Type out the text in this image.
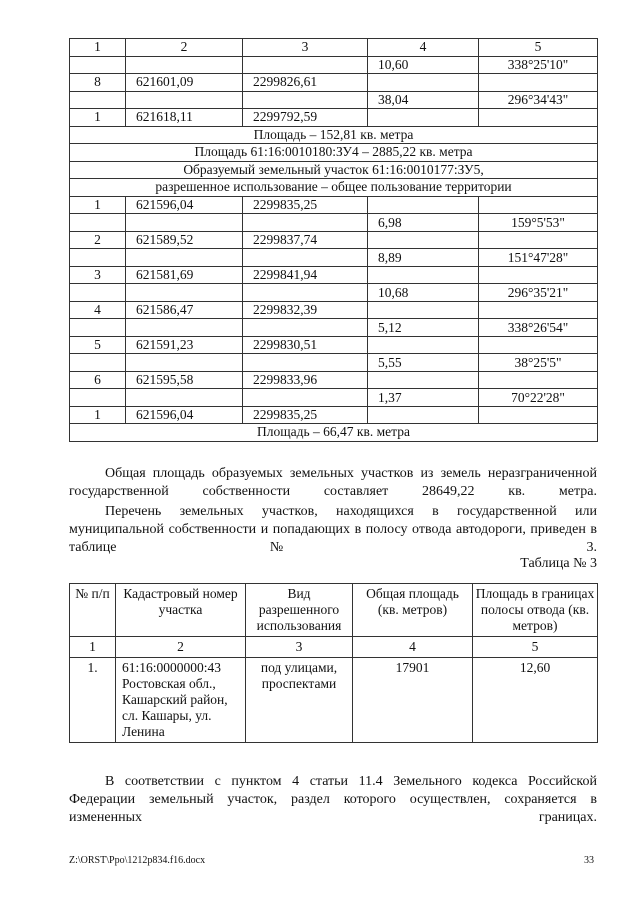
1	2	3	4	5
			10,60	338°25'10"
8	621601,09	2299826,61		
			38,04	296°34'43"
1	621618,11	2299792,59		
Площадь – 152,81 кв. метра				
Площадь 61:16:0010180:ЗУ4 – 2885,22 кв. метра				
Образуемый земельный участок 61:16:0010177:ЗУ5,				
разрешенное использование – общее пользование территории				
1	621596,04	2299835,25		
			6,98	159°5'53"
2	621589,52	2299837,74		
			8,89	151°47'28"
3	621581,69	2299841,94		
			10,68	296°35'21"
4	621586,47	2299832,39		
			5,12	338°26'54"
5	621591,23	2299830,51		
			5,55	38°25'5"
6	621595,58	2299833,96		
			1,37	70°22'28"
1	621596,04	2299835,25		
Площадь – 66,47 кв. метра				

Общая площадь образуемых земельных участков из земель неразграниченной государственной собственности составляет 28649,22 кв. метра.

Перечень земельных участков, находящихся в государственной или муниципальной собственности и попадающих в полосу отвода автодороги, приведен в таблице № 3.

Таблица № 3
№ п/п	Кадастровый номер участка	Вид разрешенного использования	Общая площадь (кв. метров)	Площадь в границах полосы отвода (кв. метров)
1	2	3	4	5
1.	61:16:0000000:43 Ростовская обл., Кашарский район, сл. Кашары, ул. Ленина	под улицами, проспектами	17901	12,60

В соответствии с пунктом 4 статьи 11.4 Земельного кодекса Российской Федерации земельный участок, раздел которого осуществлен, сохраняется в измененных границах.

Z:\ORST\Ppo\1212p834.f16.docx	33
